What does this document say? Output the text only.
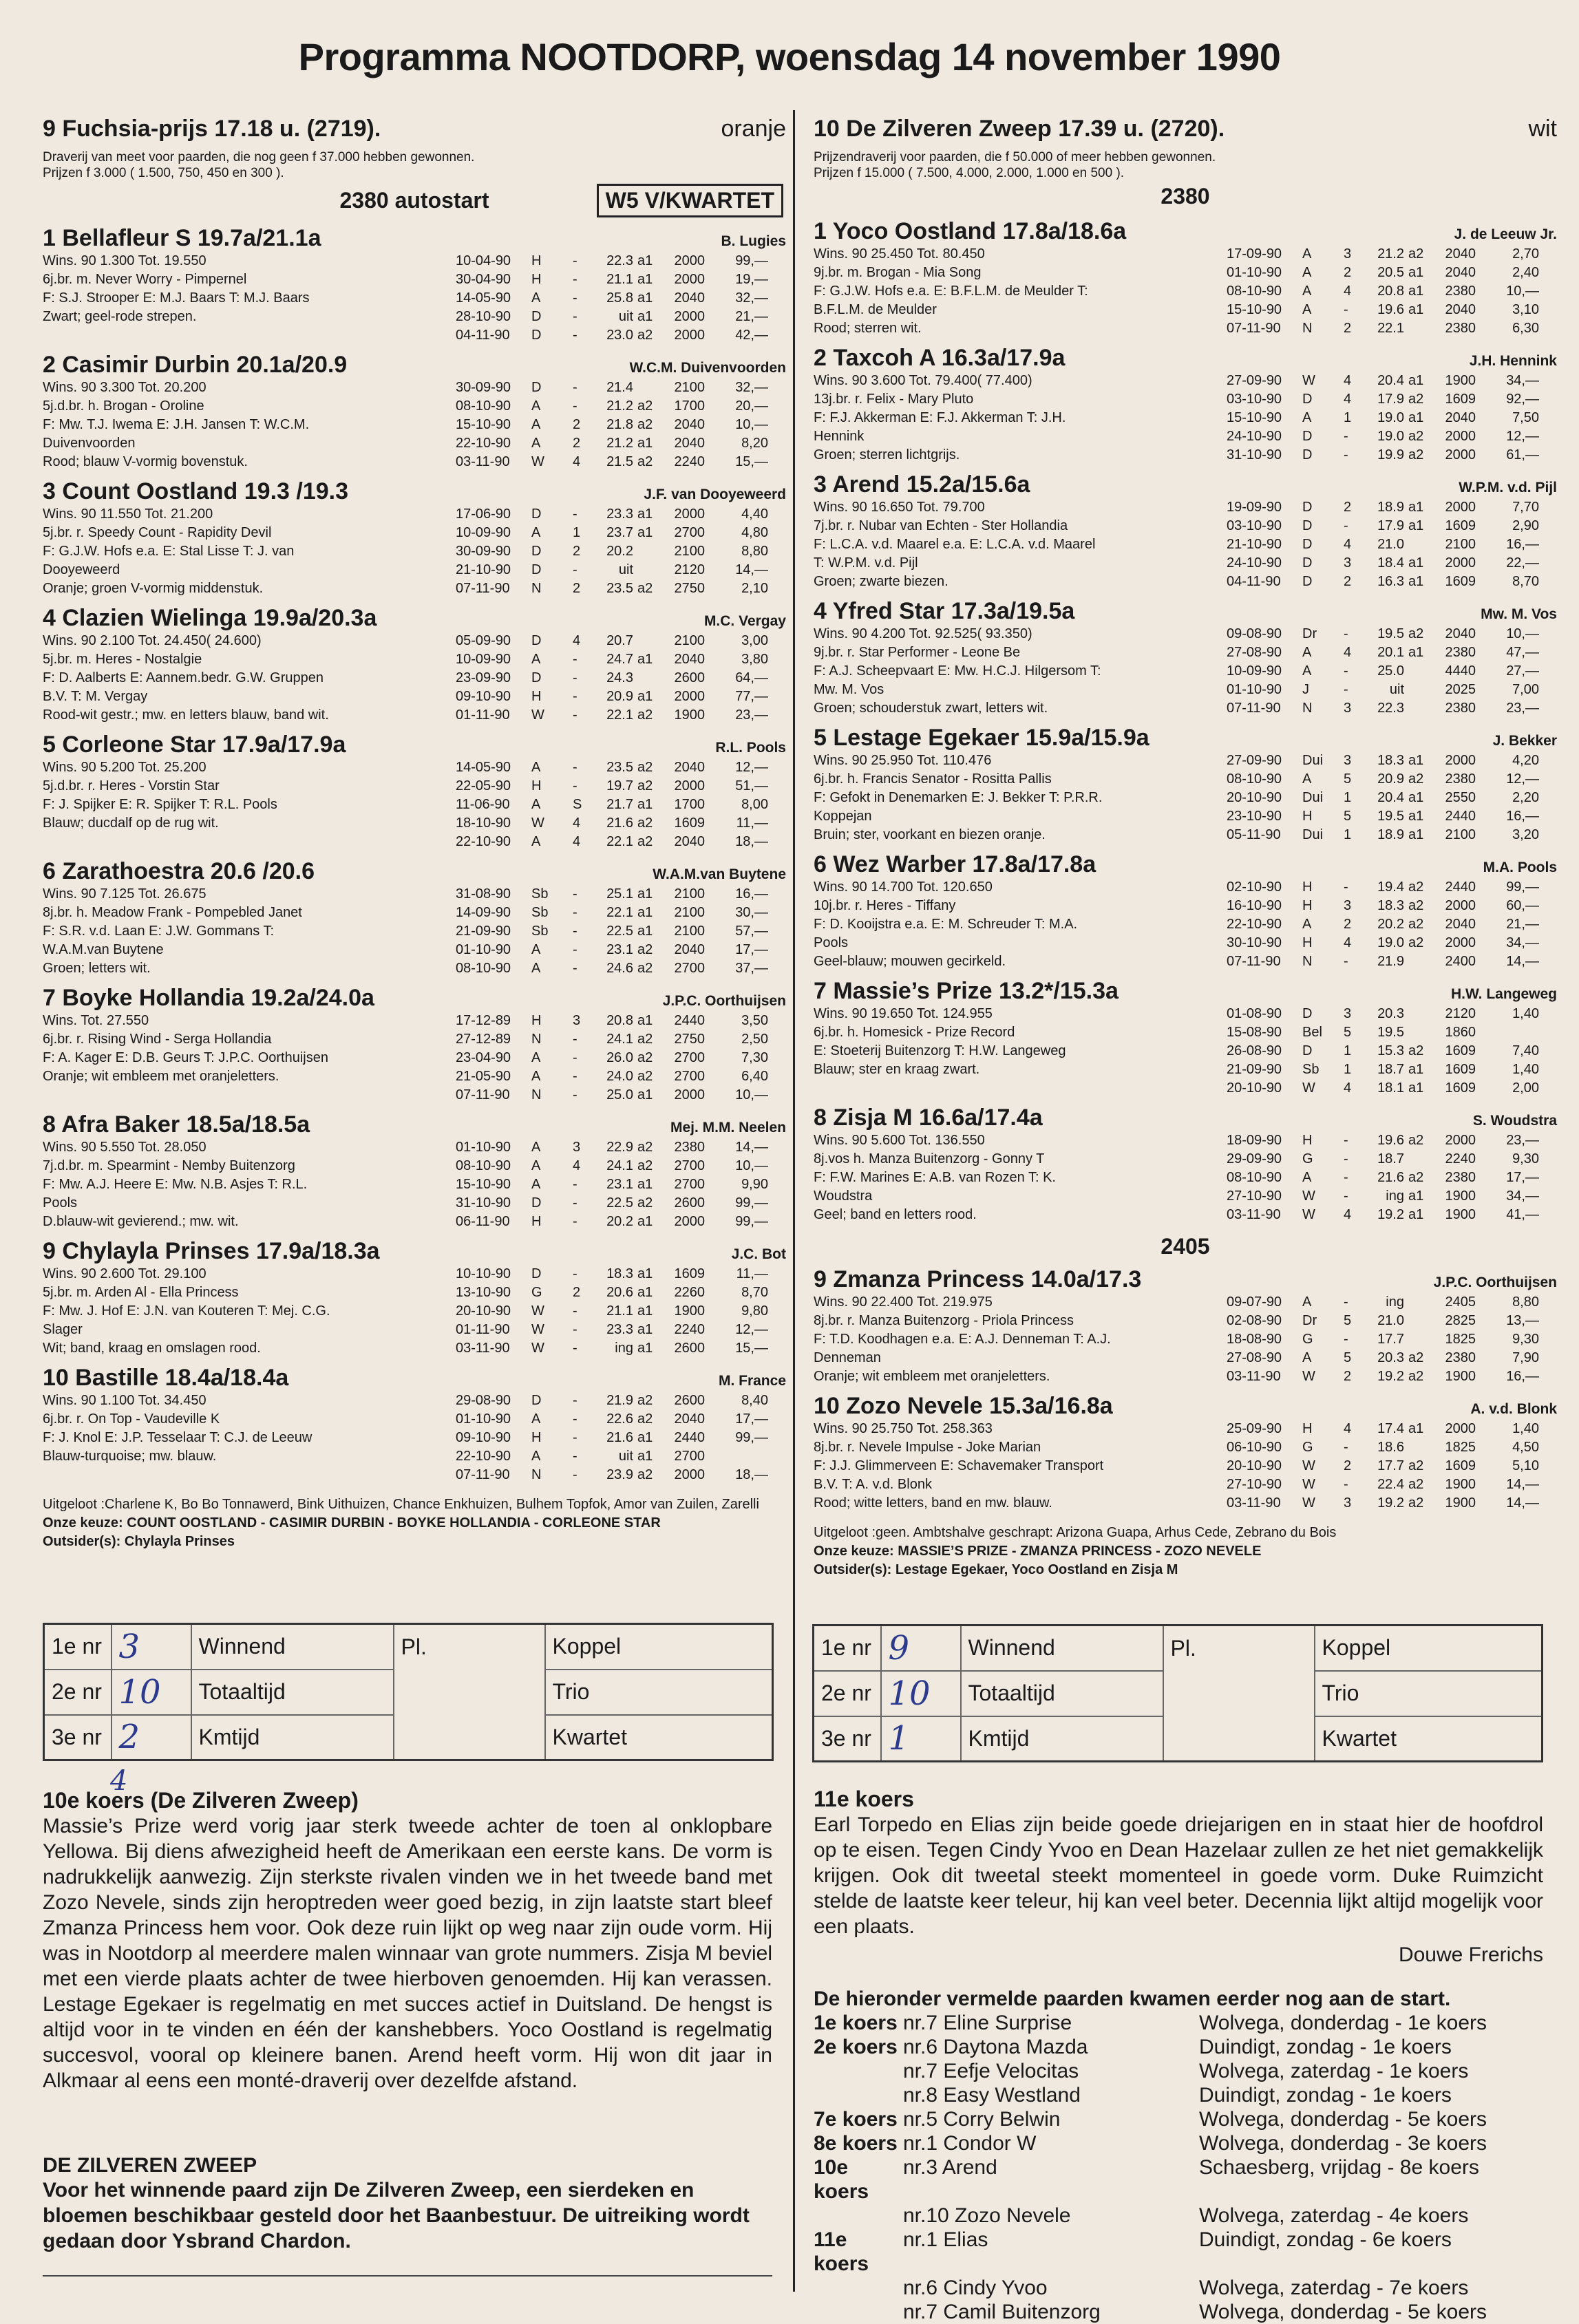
Programma NOOTDORP, woensdag 14 november 1990
9 Fuchsia-prijs 17.18 u. (2719).	oranje
Draverij van meet voor paarden, die nog geen f 37.000 hebben gewonnen.
Prijzen f 3.000 ( 1.500, 750, 450 en 300 ).
2380 autostart	W5 V/KWARTET
1 Bellafleur S 19.7a/21.1a	B. Lugies
Wins. 90 1.300 Tot. 19.550
6j.br. m. Never Worry - Pimpernel
F: S.J. Strooper E: M.J. Baars T: M.J. Baars
Zwart; geel-rode strepen.
10-04-90	H	-	22.3 a1	2000	99,—
30-04-90	H	-	21.1 a1	2000	19,—
14-05-90	A	-	25.8 a1	2040	32,—
28-10-90	D	-	uit a1	2000	21,—
04-11-90	D	-	23.0 a2	2000	42,—
2 Casimir Durbin 20.1a/20.9	W.C.M. Duivenvoorden
Wins. 90 3.300 Tot. 20.200
5j.d.br. h. Brogan - Oroline
F: Mw. T.J. Iwema E: J.H. Jansen T: W.C.M.
Duivenvoorden
Rood; blauw V-vormig bovenstuk.
30-09-90	D	-	21.4	2100	32,—
08-10-90	A	-	21.2 a2	1700	20,—
15-10-90	A	2	21.8 a2	2040	10,—
22-10-90	A	2	21.2 a1	2040	8,20
03-11-90	W	4	21.5 a2	2240	15,—
3 Count Oostland 19.3 /19.3	J.F. van Dooyeweerd
Wins. 90 11.550 Tot. 21.200
5j.br. r. Speedy Count - Rapidity Devil
F: G.J.W. Hofs e.a. E: Stal Lisse T: J. van
Dooyeweerd
Oranje; groen V-vormig middenstuk.
17-06-90	D	-	23.3 a1	2000	4,40
10-09-90	A	1	23.7 a1	2700	4,80
30-09-90	D	2	20.2	2100	8,80
21-10-90	D	-	uit	2120	14,—
07-11-90	N	2	23.5 a2	2750	2,10
4 Clazien Wielinga 19.9a/20.3a	M.C. Vergay
Wins. 90 2.100 Tot. 24.450( 24.600)
5j.br. m. Heres - Nostalgie
F: D. Aalberts E: Aannem.bedr. G.W. Gruppen
B.V. T: M. Vergay
Rood-wit gestr.; mw. en letters blauw, band wit.
05-09-90	D	4	20.7	2100	3,00
10-09-90	A	-	24.7 a1	2040	3,80
23-09-90	D	-	24.3	2600	64,—
09-10-90	H	-	20.9 a1	2000	77,—
01-11-90	W	-	22.1 a2	1900	23,—
5 Corleone Star 17.9a/17.9a	R.L. Pools
Wins. 90 5.200 Tot. 25.200
5j.d.br. r. Heres - Vorstin Star
F: J. Spijker E: R. Spijker T: R.L. Pools
Blauw; ducdalf op de rug wit.
14-05-90	A	-	23.5 a2	2040	12,—
22-05-90	H	-	19.7 a2	2000	51,—
11-06-90	A	S	21.7 a1	1700	8,00
18-10-90	W	4	21.6 a2	1609	11,—
22-10-90	A	4	22.1 a2	2040	18,—
6 Zarathoestra 20.6 /20.6	W.A.M.van Buytene
Wins. 90 7.125 Tot. 26.675
8j.br. h. Meadow Frank - Pompebled Janet
F: S.R. v.d. Laan E: J.W. Gommans T:
W.A.M.van Buytene
Groen; letters wit.
31-08-90	Sb	-	25.1 a1	2100	16,—
14-09-90	Sb	-	22.1 a1	2100	30,—
21-09-90	Sb	-	22.5 a1	2100	57,—
01-10-90	A	-	23.1 a2	2040	17,—
08-10-90	A	-	24.6 a2	2700	37,—
7 Boyke Hollandia 19.2a/24.0a	J.P.C. Oorthuijsen
Wins. Tot. 27.550
6j.br. r. Rising Wind - Serga Hollandia
F: A. Kager E: D.B. Geurs T: J.P.C. Oorthuijsen
Oranje; wit embleem met oranjeletters.
17-12-89	H	3	20.8 a1	2440	3,50
27-12-89	N	-	24.1 a2	2750	2,50
23-04-90	A	-	26.0 a2	2700	7,30
21-05-90	A	-	24.0 a2	2700	6,40
07-11-90	N	-	25.0 a1	2000	10,—
8 Afra Baker 18.5a/18.5a	Mej. M.M. Neelen
Wins. 90 5.550 Tot. 28.050
7j.d.br. m. Spearmint - Nemby Buitenzorg
F: Mw. A.J. Heere E: Mw. N.B. Asjes T: R.L.
Pools
D.blauw-wit gevierend.; mw. wit.
01-10-90	A	3	22.9 a2	2380	14,—
08-10-90	A	4	24.1 a2	2700	10,—
15-10-90	A	-	23.1 a1	2700	9,90
31-10-90	D	-	22.5 a2	2600	99,—
06-11-90	H	-	20.2 a1	2000	99,—
9 Chylayla Prinses 17.9a/18.3a	J.C. Bot
Wins. 90 2.600 Tot. 29.100
5j.br. m. Arden Al - Ella Princess
F: Mw. J. Hof E: J.N. van Kouteren T: Mej. C.G.
Slager
Wit; band, kraag en omslagen rood.
10-10-90	D	-	18.3 a1	1609	11,—
13-10-90	G	2	20.6 a1	2260	8,70
20-10-90	W	-	21.1 a1	1900	9,80
01-11-90	W	-	23.3 a1	2240	12,—
03-11-90	W	-	ing a1	2600	15,—
10 Bastille 18.4a/18.4a	M. France
Wins. 90 1.100 Tot. 34.450
6j.br. r. On Top - Vaudeville K
F: J. Knol E: J.P. Tesselaar T: C.J. de Leeuw
Blauw-turquoise; mw. blauw.
29-08-90	D	-	21.9 a2	2600	8,40
01-10-90	A	-	22.6 a2	2040	17,—
09-10-90	H	-	21.6 a1	2440	99,—
22-10-90	A	-	uit a1	2700
07-11-90	N	-	23.9 a2	2000	18,—
Uitgeloot :Charlene K, Bo Bo Tonnawerd, Bink Uithuizen, Chance Enkhuizen, Bulhem Topfok, Amor van Zuilen, Zarelli
Onze keuze: COUNT OOSTLAND - CASIMIR DURBIN - BOYKE HOLLANDIA - CORLEONE STAR
Outsider(s): Chylayla Prinses
10 De Zilveren Zweep 17.39 u. (2720).	wit
Prijzendraverij voor paarden, die f 50.000 of meer hebben gewonnen.
Prijzen f 15.000 ( 7.500, 4.000, 2.000, 1.000 en 500 ).
2380
1 Yoco Oostland 17.8a/18.6a	J. de Leeuw Jr.
Wins. 90 25.450 Tot. 80.450
9j.br. m. Brogan - Mia Song
F: G.J.W. Hofs e.a. E: B.F.L.M. de Meulder T:
B.F.L.M. de Meulder
Rood; sterren wit.
17-09-90	A	3	21.2 a2	2040	2,70
01-10-90	A	2	20.5 a1	2040	2,40
08-10-90	A	4	20.8 a1	2380	10,—
15-10-90	A	-	19.6 a1	2040	3,10
07-11-90	N	2	22.1	2380	6,30
2 Taxcoh A 16.3a/17.9a	J.H. Hennink
Wins. 90 3.600 Tot. 79.400( 77.400)
13j.br. r. Felix - Mary Pluto
F: F.J. Akkerman E: F.J. Akkerman T: J.H.
Hennink
Groen; sterren lichtgrijs.
27-09-90	W	4	20.4 a1	1900	34,—
03-10-90	D	4	17.9 a2	1609	92,—
15-10-90	A	1	19.0 a1	2040	7,50
24-10-90	D	-	19.0 a2	2000	12,—
31-10-90	D	-	19.9 a2	2000	61,—
3 Arend 15.2a/15.6a	W.P.M. v.d. Pijl
Wins. 90 16.650 Tot. 79.700
7j.br. r. Nubar van Echten - Ster Hollandia
F: L.C.A. v.d. Maarel e.a. E: L.C.A. v.d. Maarel
T: W.P.M. v.d. Pijl
Groen; zwarte biezen.
19-09-90	D	2	18.9 a1	2000	7,70
03-10-90	D	-	17.9 a1	1609	2,90
21-10-90	D	4	21.0	2100	16,—
24-10-90	D	3	18.4 a1	2000	22,—
04-11-90	D	2	16.3 a1	1609	8,70
4 Yfred Star 17.3a/19.5a	Mw. M. Vos
Wins. 90 4.200 Tot. 92.525( 93.350)
9j.br. r. Star Performer - Leone Be
F: A.J. Scheepvaart E: Mw. H.C.J. Hilgersom T:
Mw. M. Vos
Groen; schouderstuk zwart, letters wit.
09-08-90	Dr	-	19.5 a2	2040	10,—
27-08-90	A	4	20.1 a1	2380	47,—
10-09-90	A	-	25.0	4440	27,—
01-10-90	J	-	uit	2025	7,00
07-11-90	N	3	22.3	2380	23,—
5 Lestage Egekaer 15.9a/15.9a	J. Bekker
Wins. 90 25.950 Tot. 110.476
6j.br. h. Francis Senator - Rositta Pallis
F: Gefokt in Denemarken E: J. Bekker T: P.R.R.
Koppejan
Bruin; ster, voorkant en biezen oranje.
27-09-90	Dui	3	18.3 a1	2000	4,20
08-10-90	A	5	20.9 a2	2380	12,—
20-10-90	Dui	1	20.4 a1	2550	2,20
23-10-90	H	5	19.5 a1	2440	16,—
05-11-90	Dui	1	18.9 a1	2100	3,20
6 Wez Warber 17.8a/17.8a	M.A. Pools
Wins. 90 14.700 Tot. 120.650
10j.br. r. Heres - Tiffany
F: D. Kooijstra e.a. E: M. Schreuder T: M.A.
Pools
Geel-blauw; mouwen gecirkeld.
02-10-90	H	-	19.4 a2	2440	99,—
16-10-90	H	3	18.3 a2	2000	60,—
22-10-90	A	2	20.2 a2	2040	21,—
30-10-90	H	4	19.0 a2	2000	34,—
07-11-90	N	-	21.9	2400	14,—
7 Massie’s Prize 13.2*/15.3a	H.W. Langeweg
Wins. 90 19.650 Tot. 124.955
6j.br. h. Homesick - Prize Record
E: Stoeterij Buitenzorg T: H.W. Langeweg
Blauw; ster en kraag zwart.
01-08-90	D	3	20.3	2120	1,40
15-08-90	Bel	5	19.5	1860
26-08-90	D	1	15.3 a2	1609	7,40
21-09-90	Sb	1	18.7 a1	1609	1,40
20-10-90	W	4	18.1 a1	1609	2,00
8 Zisja M 16.6a/17.4a	S. Woudstra
Wins. 90 5.600 Tot. 136.550
8j.vos h. Manza Buitenzorg - Gonny T
F: F.W. Marines E: A.B. van Rozen T: K.
Woudstra
Geel; band en letters rood.
18-09-90	H	-	19.6 a2	2000	23,—
29-09-90	G	-	18.7	2240	9,30
08-10-90	A	-	21.6 a2	2380	17,—
27-10-90	W	-	ing a1	1900	34,—
03-11-90	W	4	19.2 a1	1900	41,—
2405
9 Zmanza Princess 14.0a/17.3	J.P.C. Oorthuijsen
Wins. 90 22.400 Tot. 219.975
8j.br. r. Manza Buitenzorg - Priola Princess
F: T.D. Koodhagen e.a. E: A.J. Denneman T: A.J.
Denneman
Oranje; wit embleem met oranjeletters.
09-07-90	A	-	ing	2405	8,80
02-08-90	Dr	5	21.0	2825	13,—
18-08-90	G	-	17.7	1825	9,30
27-08-90	A	5	20.3 a2	2380	7,90
03-11-90	W	2	19.2 a2	1900	16,—
10 Zozo Nevele 15.3a/16.8a	A. v.d. Blonk
Wins. 90 25.750 Tot. 258.363
8j.br. r. Nevele Impulse - Joke Marian
F: J.J. Glimmerveen E: Schavemaker Transport
B.V. T: A. v.d. Blonk
Rood; witte letters, band en mw. blauw.
25-09-90	H	4	17.4 a1	2000	1,40
06-10-90	G	-	18.6	1825	4,50
20-10-90	W	2	17.7 a2	1609	5,10
27-10-90	W	-	22.4 a2	1900	14,—
03-11-90	W	3	19.2 a2	1900	14,—
Uitgeloot :geen. Ambtshalve geschrapt: Arizona Guapa, Arhus Cede, Zebrano du Bois
Onze keuze: MASSIE’S PRIZE - ZMANZA PRINCESS - ZOZO NEVELE
Outsider(s): Lestage Egekaer, Yoco Oostland en Zisja M
1e nr	3	Winnend	Pl.	Koppel
2e nr	10	Totaaltijd		Trio
3e nr	2	Kmtijd		Kwartet
1e nr	9	Winnend	Pl.	Koppel
2e nr	10	Totaaltijd		Trio
3e nr	1	Kmtijd		Kwartet
4
10e koers (De Zilveren Zweep)
Massie’s Prize werd vorig jaar sterk tweede achter de toen al onklopbare Yellowa. Bij diens afwezigheid heeft de Amerikaan een eerste kans. De vorm is nadrukkelijk aanwezig. Zijn sterkste rivalen vinden we in het tweede band met Zozo Nevele, sinds zijn heroptreden weer goed bezig, in zijn laatste start bleef Zmanza Princess hem voor. Ook deze ruin lijkt op weg naar zijn oude vorm. Hij was in Nootdorp al meerdere malen winnaar van grote nummers. Zisja M beviel met een vierde plaats achter de twee hierboven genoemden. Hij kan verassen. Lestage Egekaer is regelmatig en met succes actief in Duitsland. De hengst is altijd voor in te vinden en één der kanshebbers. Yoco Oostland is regelmatig succesvol, vooral op kleinere banen. Arend heeft vorm. Hij won dit jaar in Alkmaar al eens een monté-draverij over dezelfde afstand.
DE ZILVEREN ZWEEP
Voor het winnende paard zijn De Zilveren Zweep, een sierdeken en bloemen beschikbaar gesteld door het Baanbestuur. De uitreiking wordt gedaan door Ysbrand Chardon.
11e koers
Earl Torpedo en Elias zijn beide goede driejarigen en in staat hier de hoofdrol op te eisen. Tegen Cindy Yvoo en Dean Hazelaar zullen ze het niet gemakkelijk krijgen. Ook dit tweetal steekt momenteel in goede vorm. Duke Ruimzicht stelde de laatste keer teleur, hij kan veel beter. Decennia lijkt altijd mogelijk voor een plaats.
Douwe Frerichs
De hieronder vermelde paarden kwamen eerder nog aan de start.
1e koers nr.7 Eline Surprise	Wolvega, donderdag - 1e koers
2e koers nr.6 Daytona Mazda	Duindigt, zondag - 1e koers
nr.7 Eefje Velocitas	Wolvega, zaterdag - 1e koers
nr.8 Easy Westland	Duindigt, zondag - 1e koers
7e koers nr.5 Corry Belwin	Wolvega, donderdag - 5e koers
8e koers nr.1 Condor W	Wolvega, donderdag - 3e koers
10e koers
nr.3 Arend	Schaesberg, vrijdag - 8e koers
nr.10 Zozo Nevele	Wolvega, zaterdag - 4e koers
11e koers
nr.1 Elias	Duindigt, zondag - 6e koers
nr.6 Cindy Yvoo	Wolvega, zaterdag - 7e koers
nr.7 Camil Buitenzorg	Wolvega, donderdag - 5e koers
